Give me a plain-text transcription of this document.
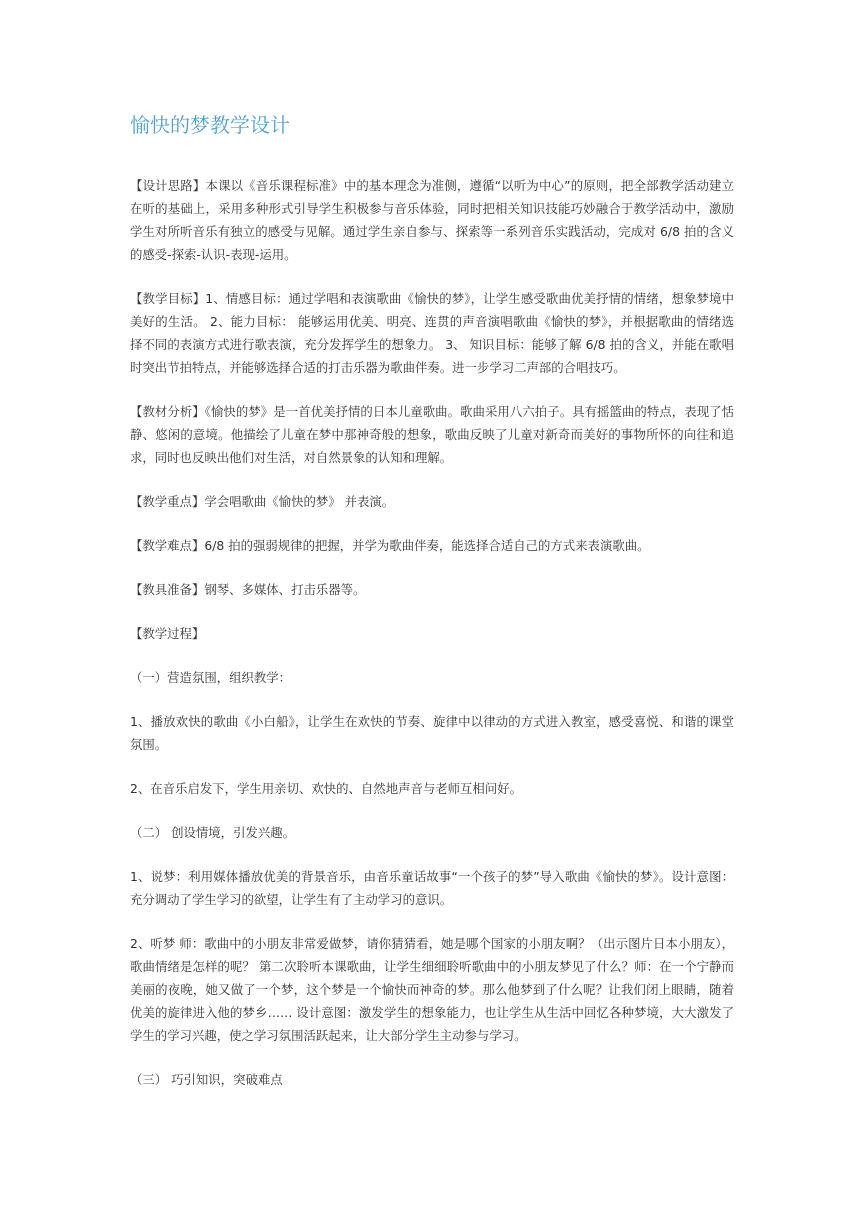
愉快的梦教学设计

【设计思路】本课以《音乐课程标准》中的基本理念为准侧，遵循“以听为中心”的原则，把全部教学活动建立在听的基础上，采用多种形式引导学生积极参与音乐体验，同时把相关知识技能巧妙融合于教学活动中，激励学生对所听音乐有独立的感受与见解。通过学生亲自参与、探索等一系列音乐实践活动，完成对 6/8 拍的含义的感受-探索-认识-表现-运用。

【教学目标】1、情感目标：通过学唱和表演歌曲《愉快的梦》，让学生感受歌曲优美抒情的情绪，想象梦境中美好的生活。 2、能力目标： 能够运用优美、明亮、连贯的声音演唱歌曲《愉快的梦》，并根据歌曲的情绪选择不同的表演方式进行歌表演，充分发挥学生的想象力。 3、 知识目标：能够了解 6/8 拍的含义，并能在歌唱时突出节拍特点，并能够选择合适的打击乐器为歌曲伴奏。进一步学习二声部的合唱技巧。

【教材分析】《愉快的梦》是一首优美抒情的日本儿童歌曲。歌曲采用八六拍子。具有摇篮曲的特点，表现了恬静、悠闲的意境。他描绘了儿童在梦中那神奇般的想象，歌曲反映了儿童对新奇而美好的事物所怀的向往和追求，同时也反映出他们对生活，对自然景象的认知和理解。

【教学重点】学会唱歌曲《愉快的梦》 并表演。

【教学难点】6/8 拍的强弱规律的把握，并学为歌曲伴奏，能选择合适自己的方式来表演歌曲。

【教具准备】钢琴、多媒体、打击乐器等。

【教学过程】

（一）营造氛围，组织教学：

1、播放欢快的歌曲《小白船》，让学生在欢快的节奏、旋律中以律动的方式进入教室，感受喜悦、和谐的课堂氛围。

2、在音乐启发下，学生用亲切、欢快的、自然地声音与老师互相问好。

（二） 创设情境，引发兴趣。

1、说梦：利用媒体播放优美的背景音乐，由音乐童话故事“一个孩子的梦”导入歌曲《愉快的梦》。设计意图：充分调动了学生学习的欲望，让学生有了主动学习的意识。

2、听梦 师：歌曲中的小朋友非常爱做梦，请你猜猜看，她是哪个国家的小朋友啊？（出示图片日本小朋友），歌曲情绪是怎样的呢？ 第二次聆听本课歌曲，让学生细细聆听歌曲中的小朋友梦见了什么？师：在一个宁静而美丽的夜晚，她又做了一个梦，这个梦是一个愉快而神奇的梦。那么他梦到了什么呢？让我们闭上眼睛，随着优美的旋律进入他的梦乡…… 设计意图：激发学生的想象能力，也让学生从生活中回忆各种梦境，大大激发了学生的学习兴趣，使之学习氛围活跃起来，让大部分学生主动参与学习。

（三） 巧引知识，突破难点
